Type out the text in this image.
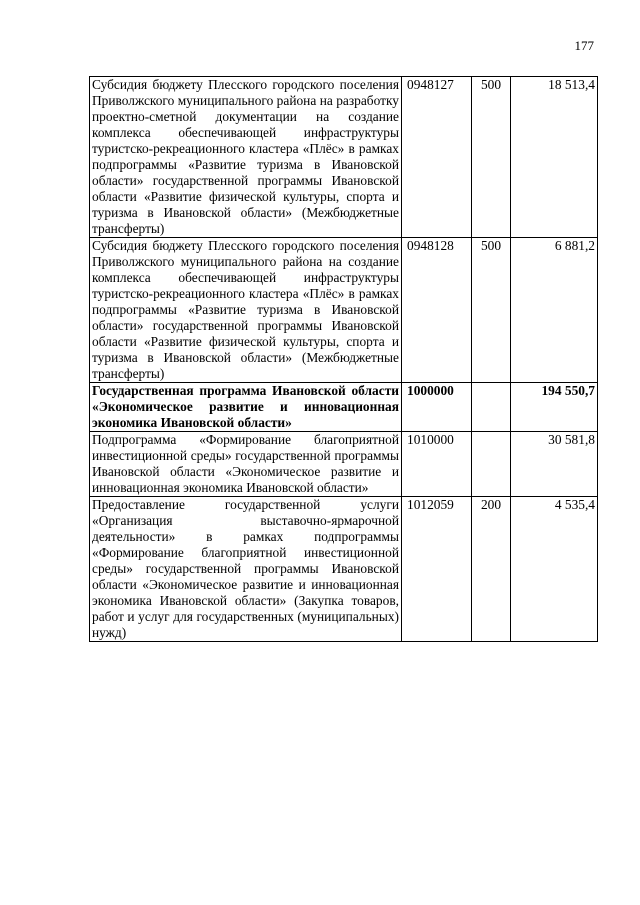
177
Субсидия бюджету Плесского городского поселения Приволжского муниципального района на разработку проектно-сметной документации на создание комплекса обеспечивающей инфраструктуры туристско-рекреационного кластера «Плёс» в рамках подпрограммы «Развитие туризма в Ивановской области» государственной программы Ивановской области «Развитие физической культуры, спорта и туризма в Ивановской области» (Межбюджетные трансферты)	0948127	500	18 513,4
Субсидия бюджету Плесского городского поселения Приволжского муниципального района на создание комплекса обеспечивающей инфраструктуры туристско-рекреационного кластера «Плёс» в рамках подпрограммы «Развитие туризма в Ивановской области» государственной программы Ивановской области «Развитие физической культуры, спорта и туризма в Ивановской области» (Межбюджетные трансферты)	0948128	500	6 881,2
Государственная программа Ивановской области «Экономическое развитие и инновационная экономика Ивановской области»	1000000		194 550,7
Подпрограмма «Формирование благоприятной инвестиционной среды» государственной программы Ивановской области «Экономическое развитие и инновационная экономика Ивановской области»	1010000		30 581,8
Предоставление государственной услуги «Организация выставочно-ярмарочной деятельности» в рамках подпрограммы «Формирование благоприятной инвестиционной среды» государственной программы Ивановской области «Экономическое развитие и инновационная экономика Ивановской области» (Закупка товаров, работ и услуг для государственных (муниципальных) нужд)	1012059	200	4 535,4
